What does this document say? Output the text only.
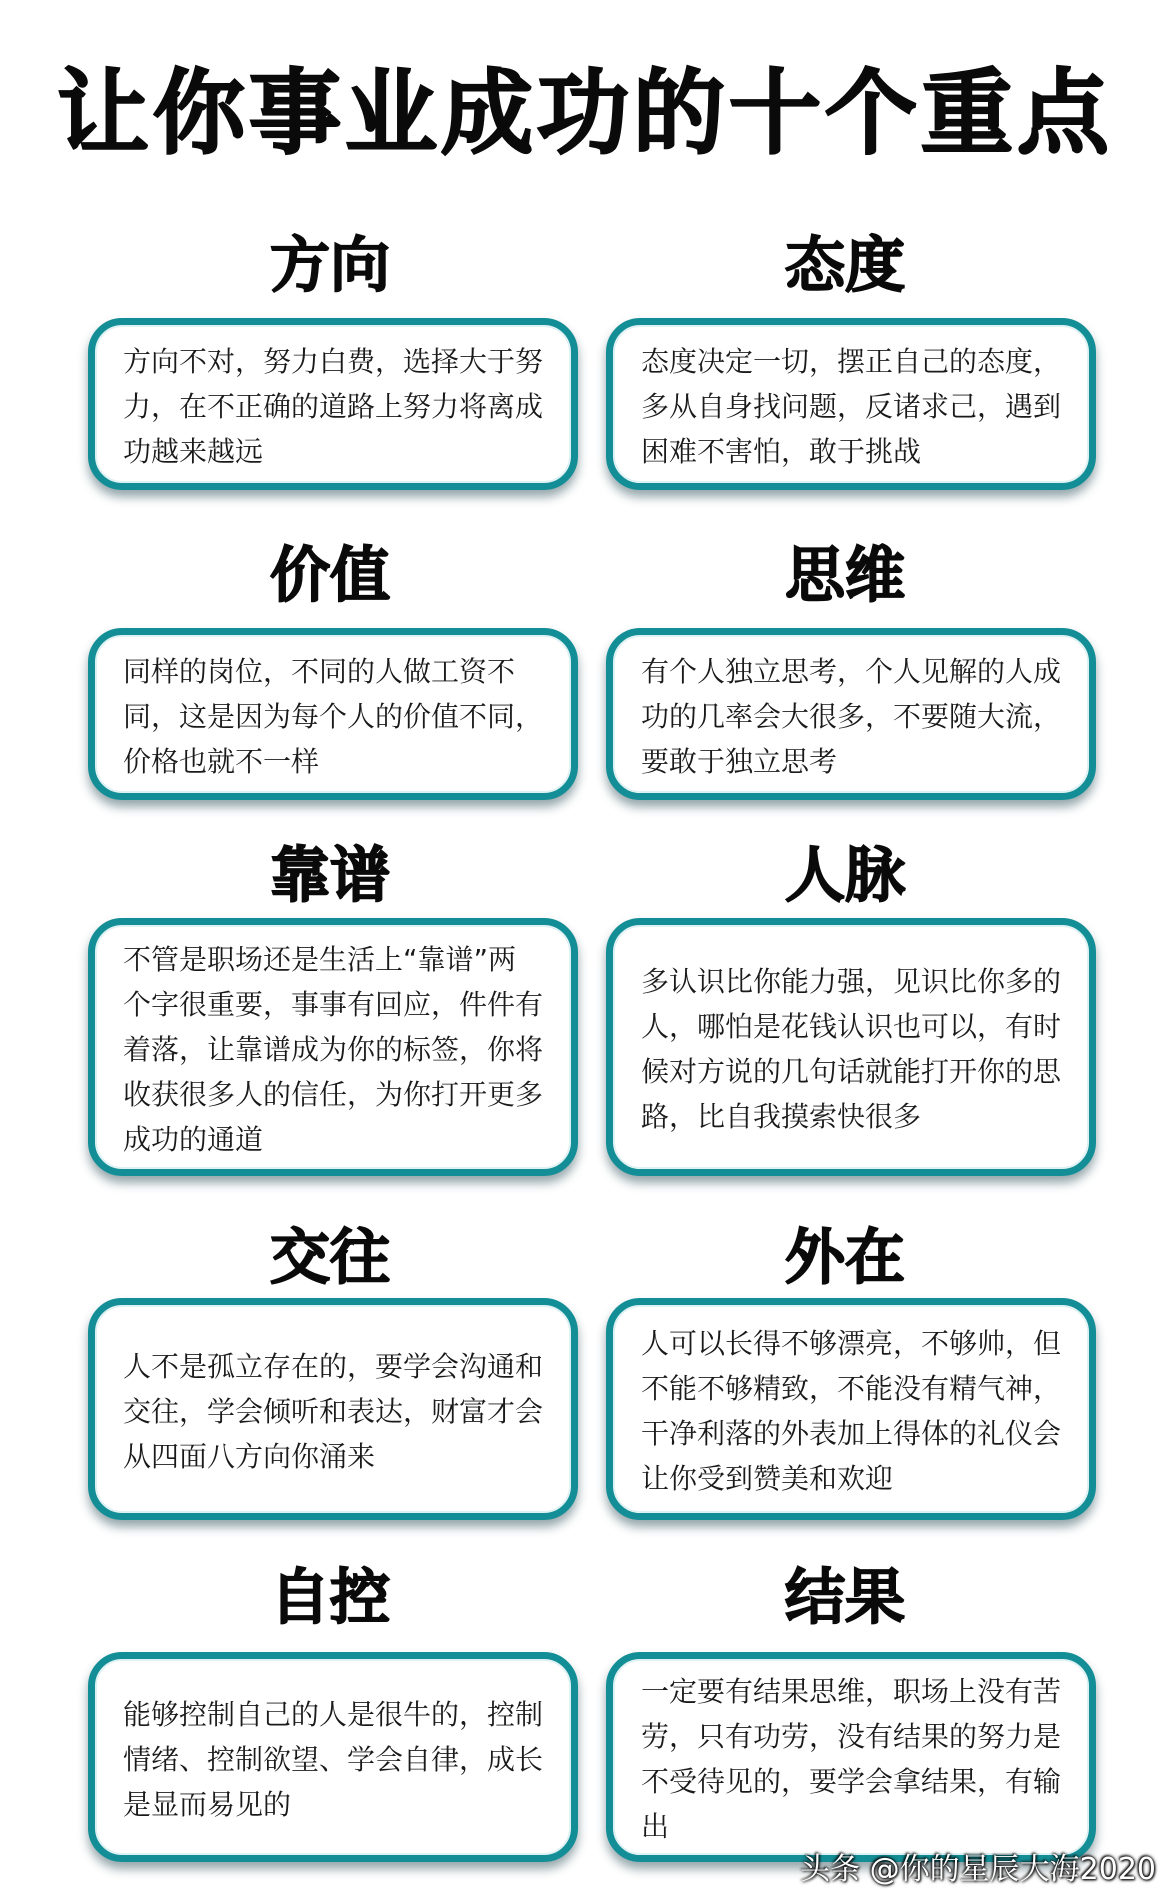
让你事业成功的十个重点
方向
方向不对，努力白费，选择大于努力，在不正确的道路上努力将离成功越来越远
态度
态度决定一切，摆正自己的态度，多从自身找问题，反诸求己，遇到困难不害怕，敢于挑战
价值
同样的岗位，不同的人做工资不同，这是因为每个人的价值不同，价格也就不一样
思维
有个人独立思考，个人见解的人成功的几率会大很多，不要随大流，要敢于独立思考
靠谱
不管是职场还是生活上“靠谱”两个字很重要，事事有回应，件件有着落，让靠谱成为你的标签，你将收获很多人的信任，为你打开更多成功的通道
人脉
多认识比你能力强，见识比你多的人，哪怕是花钱认识也可以，有时候对方说的几句话就能打开你的思路，比自我摸索快很多
交往
人不是孤立存在的，要学会沟通和交往，学会倾听和表达，财富才会从四面八方向你涌来
外在
人可以长得不够漂亮，不够帅，但不能不够精致，不能没有精气神，干净利落的外表加上得体的礼仪会让你受到赞美和欢迎
自控
能够控制自己的人是很牛的，控制情绪、控制欲望、学会自律，成长是显而易见的
结果
一定要有结果思维，职场上没有苦劳，只有功劳，没有结果的努力是不受待见的，要学会拿结果，有输出
头条 @你的星辰大海2020
